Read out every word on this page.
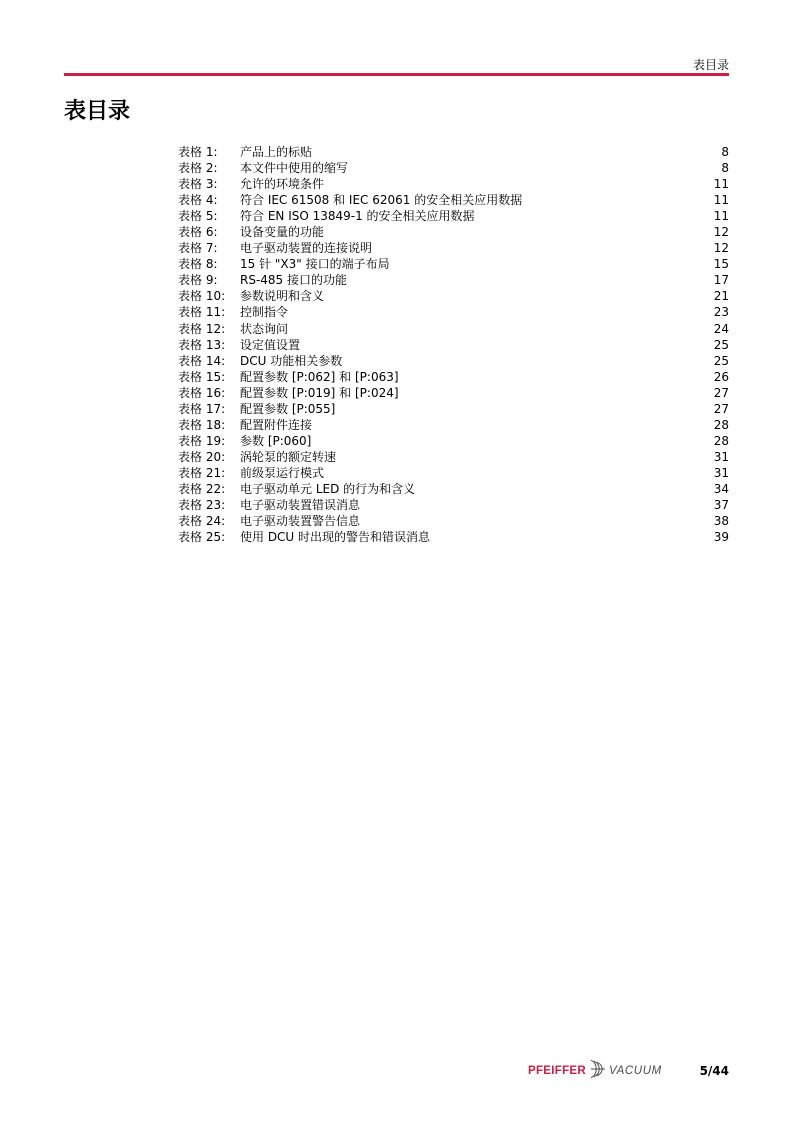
表目录
表目录
表格 1:	产品上的标贴	8
表格 2:	本文件中使用的缩写	8
表格 3:	允许的环境条件	11
表格 4:	符合 IEC 61508 和 IEC 62061 的安全相关应用数据	11
表格 5:	符合 EN ISO 13849-1 的安全相关应用数据	11
表格 6:	设备变量的功能	12
表格 7:	电子驱动装置的连接说明	12
表格 8:	15 针 "X3" 接口的端子布局	15
表格 9:	RS-485 接口的功能	17
表格 10:	参数说明和含义	21
表格 11:	控制指令	23
表格 12:	状态询问	24
表格 13:	设定值设置	25
表格 14:	DCU 功能相关参数	25
表格 15:	配置参数 [P:062] 和 [P:063]	26
表格 16:	配置参数 [P:019] 和 [P:024]	27
表格 17:	配置参数 [P:055]	27
表格 18:	配置附件连接	28
表格 19:	参数 [P:060]	28
表格 20:	涡轮泵的额定转速	31
表格 21:	前级泵运行模式	31
表格 22:	电子驱动单元 LED 的行为和含义	34
表格 23:	电子驱动装置错误消息	37
表格 24:	电子驱动装置警告信息	38
表格 25:	使用 DCU 时出现的警告和错误消息	39
PFEIFFER VACUUM	5/44
